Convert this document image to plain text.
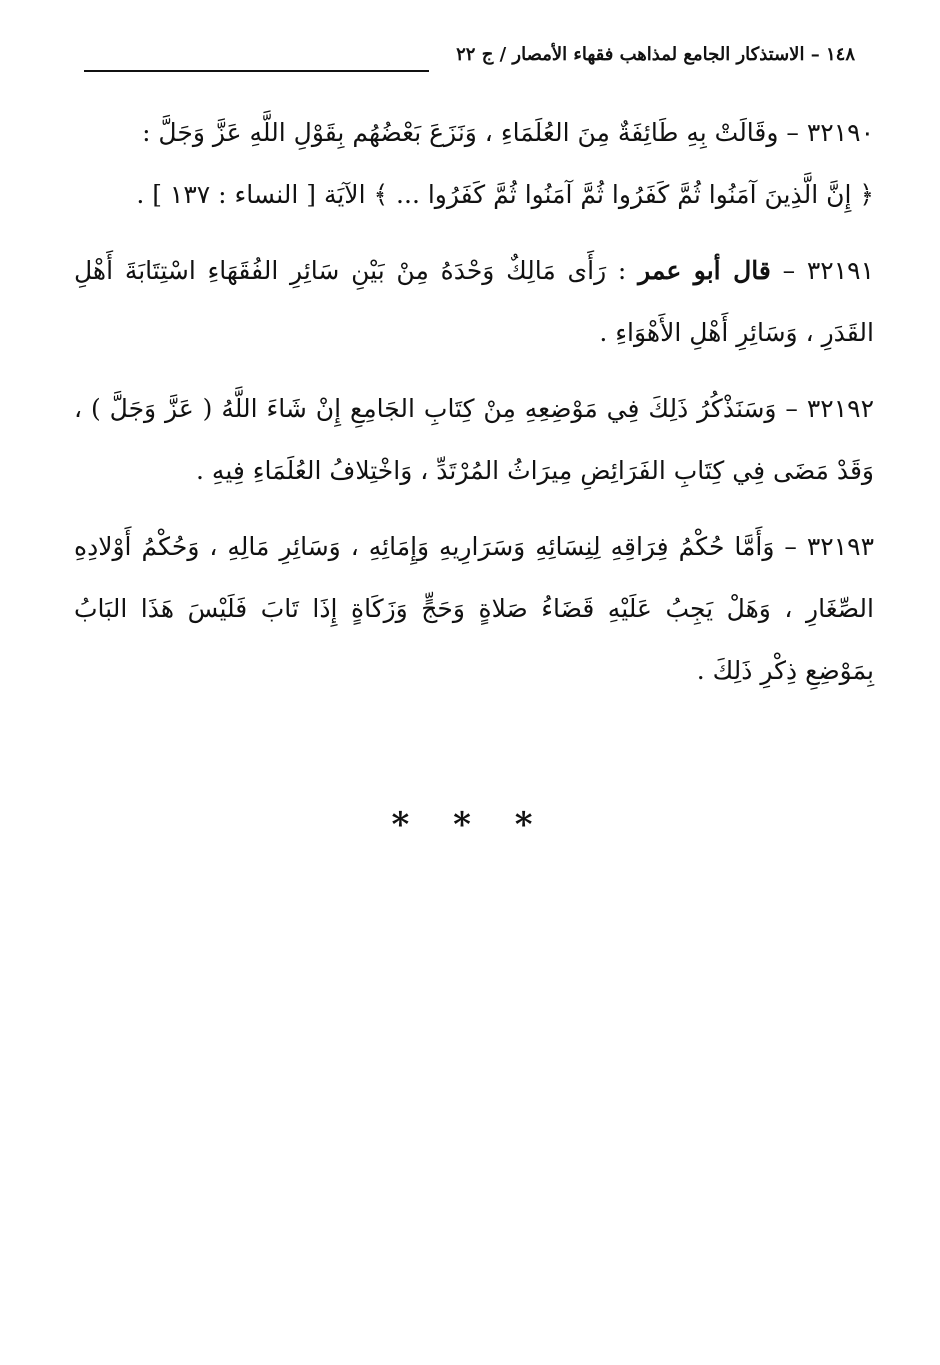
١٤٨ – الاستذكار الجامع لمذاهب فقهاء الأمصار / ج ٢٢

٣٢١٩٠ – وقَالَتْ بِهِ طَائِفَةٌ مِنَ العُلَمَاءِ ، وَنَزَعَ بَعْضُهُم بِقَوْلِ اللَّهِ عَزَّ وَجَلَّ :
﴿ إِنَّ الَّذِينَ آمَنُوا ثُمَّ كَفَرُوا ثُمَّ آمَنُوا ثُمَّ كَفَرُوا ... ﴾ الآيَة [ النساء : ١٣٧ ] .

٣٢١٩١ – قال أبو عمر : رَأَى مَالِكٌ وَحْدَهُ مِنْ بَيْنِ سَائِرِ الفُقَهَاءِ اسْتِتَابَةَ أَهْلِ القَدَرِ ، وَسَائِرِ أَهْلِ الأَهْوَاءِ .

٣٢١٩٢ – وَسَنَذْكُرُ ذَلِكَ فِي مَوْضِعِهِ مِنْ كِتَابِ الجَامِعِ إِنْ شَاءَ اللَّهُ ( عَزَّ وَجَلَّ ) ، وَقَدْ مَضَى فِي كِتَابِ الفَرَائِضِ مِيرَاثُ المُرْتَدِّ ، وَاخْتِلافُ العُلَمَاءِ فِيهِ .

٣٢١٩٣ – وَأَمَّا حُكْمُ فِرَاقِهِ لِنِسَائِهِ وَسَرَارِيهِ وَإِمَائِهِ ، وَسَائِرِ مَالِهِ ، وَحُكْمُ أَوْلادِهِ الصِّغَارِ ، وَهَلْ يَجِبُ عَلَيْهِ قَضَاءُ صَلاةٍ وَحَجٍّ وَزَكَاةٍ إِذَا تَابَ فَلَيْسَ هَذَا البَابُ بِمَوْضِعِ ذِكْرِ ذَلِكَ .

* * *
